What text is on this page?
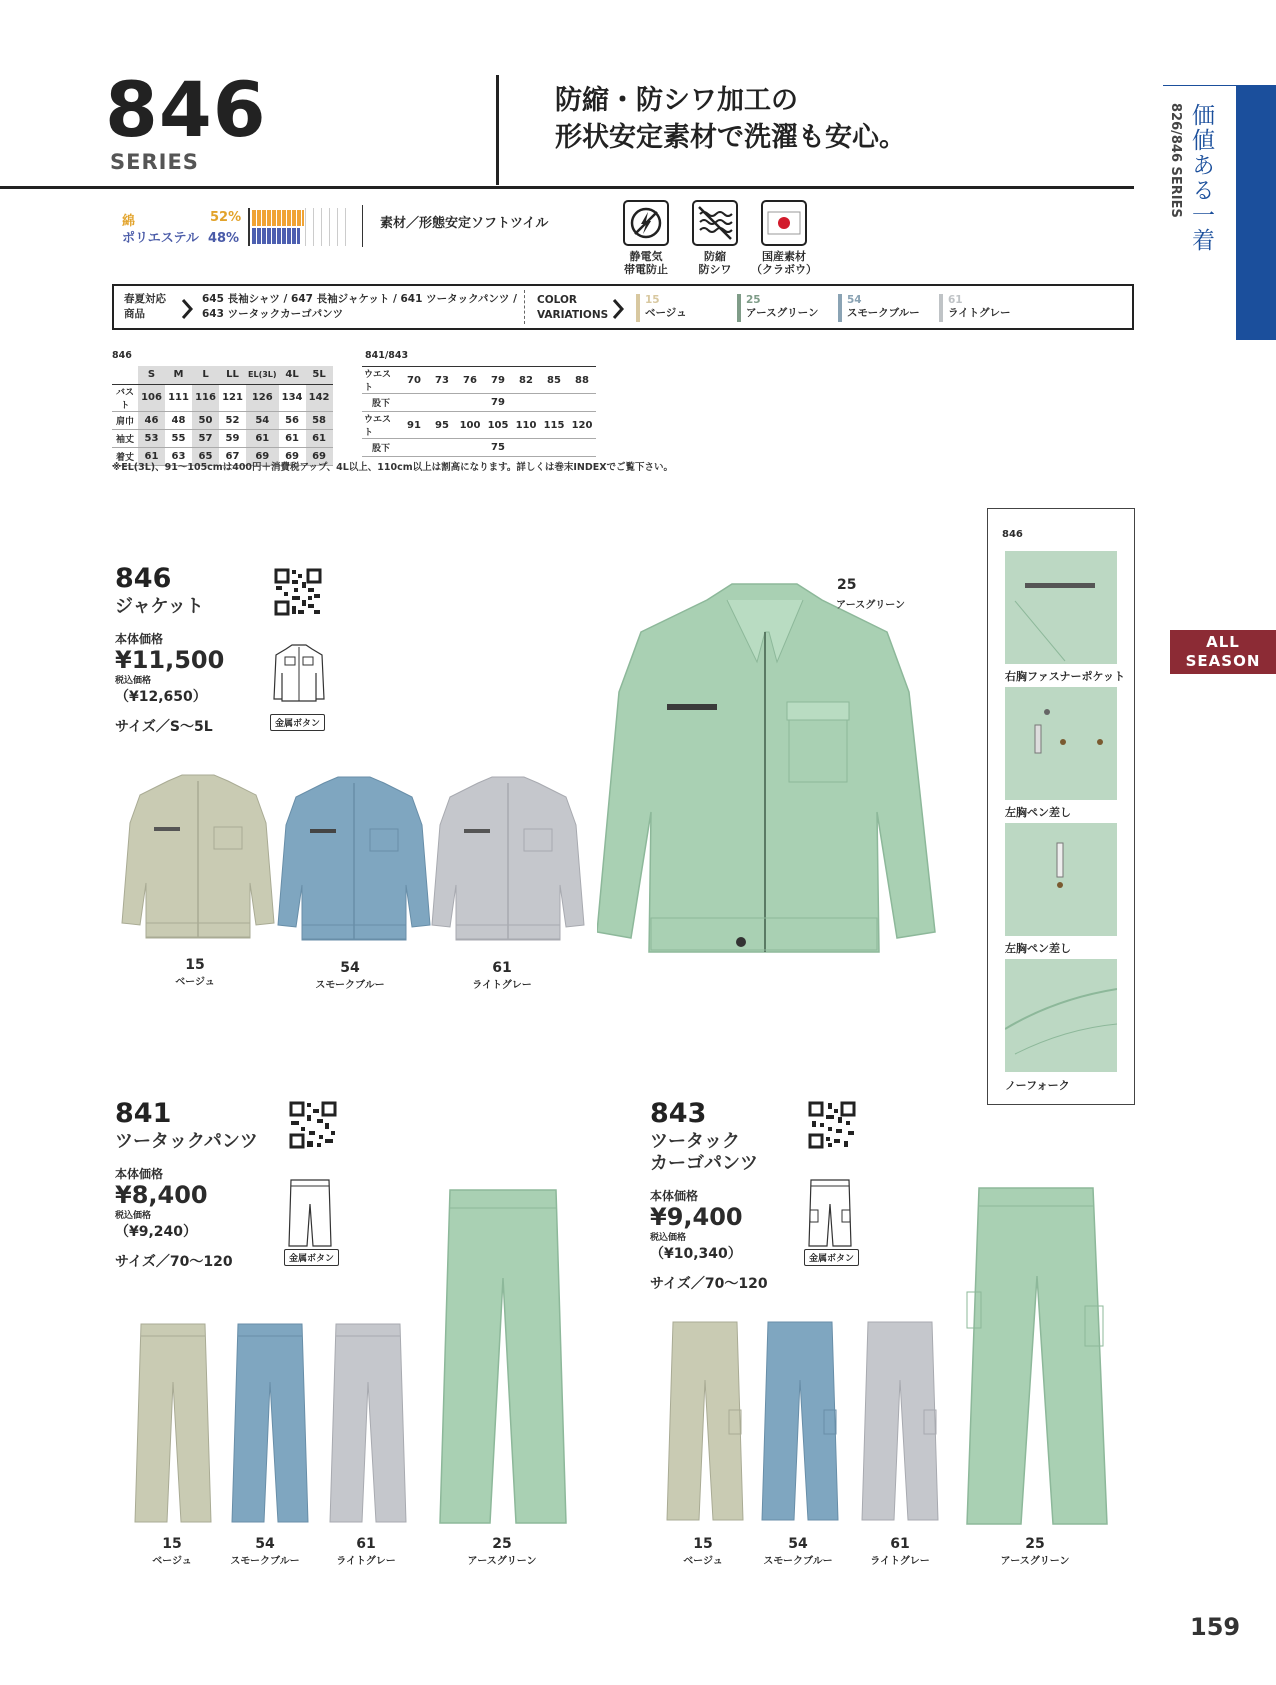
846
SERIES
防縮・防シワ加工の
形状安定素材で洗濯も安心。	価値ある一着
826/846 SERIES
ALL
SEASON
綿	52%
ポリエステル 48%
素材／形態安定ソフトツイル
静電気
帯電防止
防縮
防シワ
国産素材
（クラボウ）
春夏対応
商品
645 長袖シャツ / 647 長袖ジャケット / 641 ツータックパンツ /
643 ツータックカーゴパンツ
COLOR
VARIATIONS
15
ベージュ
25
アースグリーン
54
スモークブルー
61
ライトグレー
846
	S	M	L	LL	EL(3L)	4L	5L
バスト	106	111	116	121	126	134	142
肩巾	46	48	50	52	54	56	58
袖丈	53	55	57	59	61	61	61
着丈	61	63	65	67	69	69	69
841/843
ウエスト	70	73	76	79	82	85	88
股下				79			
ウエスト	91	95	100	105	110	115	120
股下				75			
※EL(3L)、91～105cmは400円＋消費税アップ、4L以上、110cm以上は割高になります。詳しくは巻末INDEXでご覧下さい。
846
ジャケット
本体価格
¥11,500
税込価格
（¥12,650）
サイズ／S～5L	金属ボタン
15
ベージュ
54
スモークブルー
61
ライトグレー
25
アースグリーン
846
右胸ファスナーポケット
左胸ペン差し
左胸ペン差し
ノーフォーク
841
ツータックパンツ
本体価格
¥8,400
税込価格
（¥9,240）
サイズ／70～120	金属ボタン
15
ベージュ
54
スモークブルー
61
ライトグレー
25
アースグリーン
843
ツータック
カーゴパンツ
本体価格
¥9,400
税込価格
（¥10,340）
サイズ／70～120
金属ボタン
15
ベージュ
54
スモークブルー
61
ライトグレー
25
アースグリーン
159
